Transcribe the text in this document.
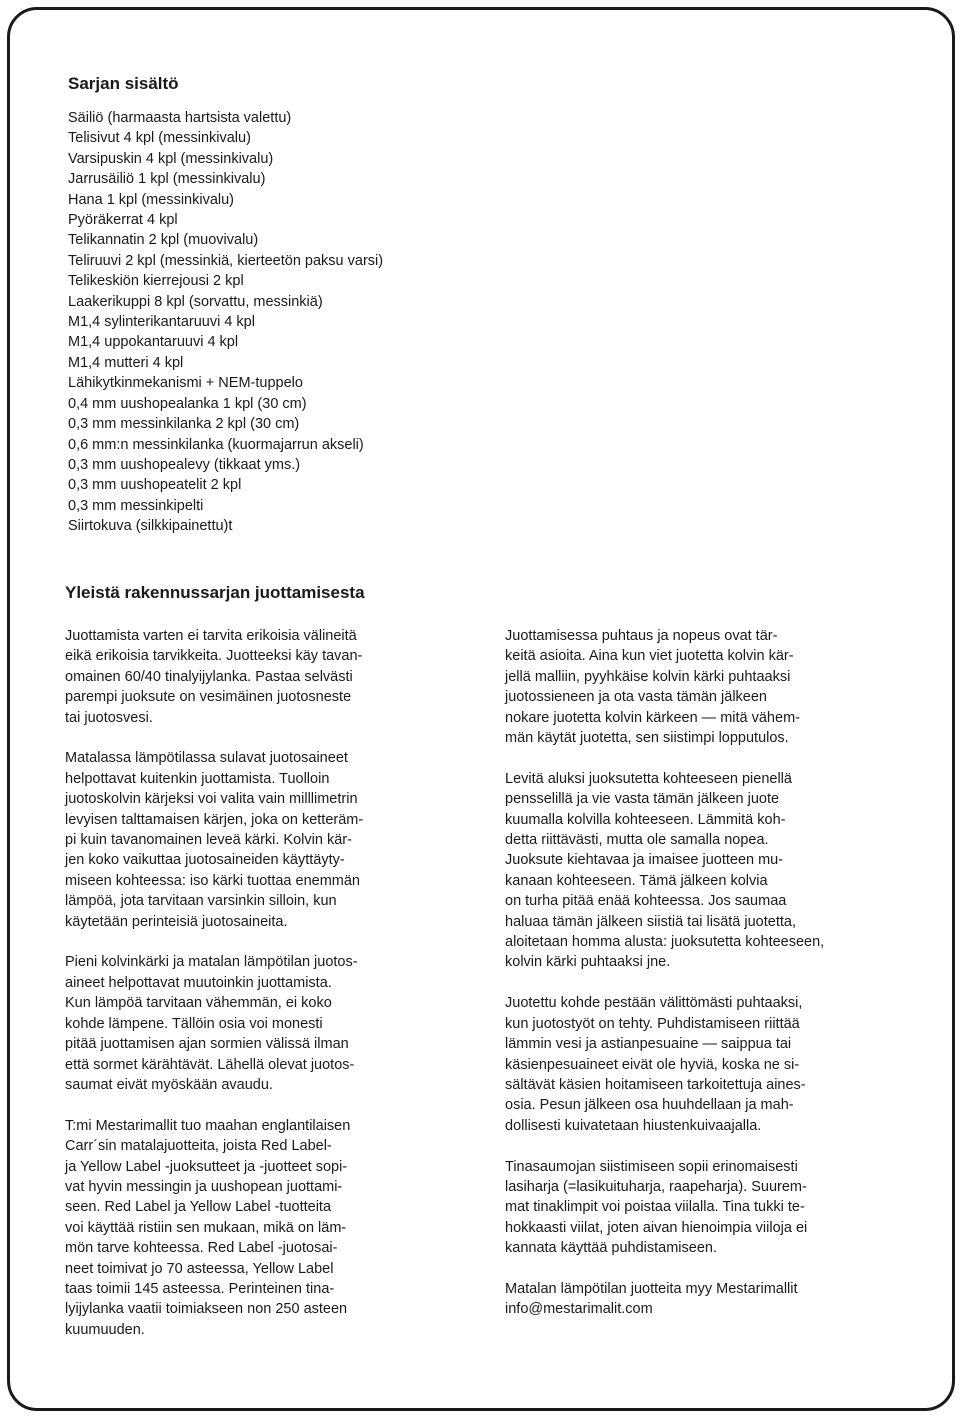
Sarjan sisältö
Säiliö (harmaasta hartsista valettu)
Telisivut 4 kpl (messinkivalu)
Varsipuskin 4 kpl (messinkivalu)
Jarrusäiliö 1 kpl (messinkivalu)
Hana 1 kpl (messinkivalu)
Pyöräkerrat 4 kpl
Telikannatin 2 kpl (muovivalu)
Teliruuvi 2 kpl (messinkiä, kierteetön paksu varsi)
Telikeskiön kierrejousi 2 kpl
Laakerikuppi 8 kpl (sorvattu, messinkiä)
M1,4 sylinterikantaruuvi 4 kpl
M1,4 uppokantaruuvi 4 kpl
M1,4 mutteri 4 kpl
Lähikytkinmekanismi + NEM-tuppelo
0,4 mm uushopealanka 1 kpl (30 cm)
0,3 mm messinkilanka 2 kpl (30 cm)
0,6 mm:n messinkilanka (kuormajarrun akseli)
0,3 mm uushopealevy (tikkaat yms.)
0,3 mm uushopeatelit 2 kpl
0,3 mm messinkipelti
Siirtokuva (silkkipainettu)t
Yleistä rakennussarjan juottamisesta

Juottamista varten ei tarvita erikoisia välineitä
eikä erikoisia tarvikkeita. Juotteeksi käy tavan-
omainen 60/40 tinalyijylanka. Pastaa selvästi
parempi juoksute on vesimäinen juotosneste
tai juotosvesi.

Matalassa lämpötilassa sulavat juotosaineet
helpottavat kuitenkin juottamista. Tuolloin
juotoskolvin kärjeksi voi valita vain milllimetrin
levyisen talttamaisen kärjen, joka on ketteräm-
pi kuin tavanomainen leveä kärki. Kolvin kär-
jen koko vaikuttaa juotosaineiden käyttäyty-
miseen kohteessa: iso kärki tuottaa enemmän
lämpöä, jota tarvitaan varsinkin silloin, kun
käytetään perinteisiä juotosaineita.

Pieni kolvinkärki ja matalan lämpötilan juotos-
aineet helpottavat muutoinkin juottamista.
Kun lämpöä tarvitaan vähemmän, ei koko
kohde lämpene. Tällöin osia voi monesti
pitää juottamisen ajan sormien välissä ilman
että sormet kärähtävät. Lähellä olevat juotos-
saumat eivät myöskään avaudu.

T:mi Mestarimallit tuo maahan englantilaisen
Carr´sin matalajuotteita, joista Red Label-
ja Yellow Label -juoksutteet ja -juotteet sopi-
vat hyvin messingin ja uushopean juottami-
seen. Red Label ja Yellow Label -tuotteita
voi käyttää ristiin sen mukaan, mikä on läm-
mön tarve kohteessa. Red Label -juotosai-
neet toimivat jo 70 asteessa, Yellow Label
taas toimii 145 asteessa. Perinteinen tina-
lyijylanka vaatii toimiakseen non 250 asteen
kuumuuden.

Juottamisessa puhtaus ja nopeus ovat tär-
keitä asioita. Aina kun viet juotetta kolvin kär-
jellä malliin, pyyhkäise kolvin kärki puhtaaksi
juotossieneen ja ota vasta tämän jälkeen
nokare juotetta kolvin kärkeen — mitä vähem-
män käytät juotetta, sen siistimpi lopputulos.

Levitä aluksi juoksutetta kohteeseen pienellä
pensselillä ja vie vasta tämän jälkeen juote
kuumalla kolvilla kohteeseen. Lämmitä koh-
detta riittävästi, mutta ole samalla nopea.
Juoksute kiehtavaa ja imaisee juotteen mu-
kanaan kohteeseen. Tämä jälkeen kolvia
on turha pitää enää kohteessa. Jos saumaa
haluaa tämän jälkeen siistiä tai lisätä juotetta,
aloitetaan homma alusta: juoksutetta kohteeseen,
kolvin kärki puhtaaksi jne.

Juotettu kohde pestään välittömästi puhtaaksi,
kun juotostyöt on tehty. Puhdistamiseen riittää
lämmin vesi ja astianpesuaine — saippua tai
käsienpesuaineet eivät ole hyviä, koska ne si-
sältävät käsien hoitamiseen tarkoitettuja aines-
osia. Pesun jälkeen osa huuhdellaan ja mah-
dollisesti kuivatetaan hiustenkuivaajalla.

Tinasaumojan siistimiseen sopii erinomaisesti
lasiharja (=lasikuituharja, raapeharja). Suurem-
mat tinaklimpit voi poistaa viilalla. Tina tukki te-
hokkaasti viilat, joten aivan hienoimpia viiloja ei
kannata käyttää puhdistamiseen.

Matalan lämpötilan juotteita myy Mestarimallit
info@mestarimalit.com
